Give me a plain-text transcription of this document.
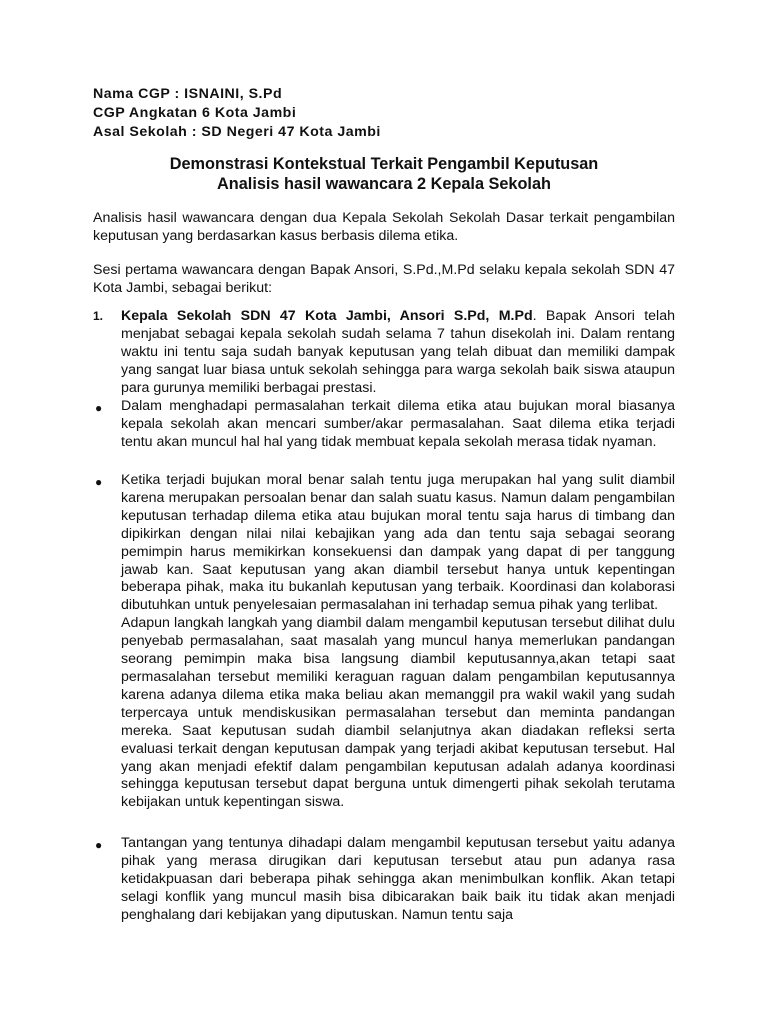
Nama CGP : ISNAINI, S.Pd
CGP Angkatan 6 Kota Jambi
Asal Sekolah : SD Negeri 47 Kota Jambi
Demonstrasi Kontekstual Terkait Pengambil Keputusan
Analisis hasil wawancara 2 Kepala Sekolah

Analisis hasil wawancara dengan dua Kepala Sekolah Sekolah Dasar terkait pengambilan keputusan yang berdasarkan kasus berbasis dilema etika.

Sesi pertama wawancara dengan Bapak Ansori, S.Pd.,M.Pd selaku kepala sekolah SDN 47 Kota Jambi, sebagai berikut:

1. Kepala Sekolah SDN 47 Kota Jambi, Ansori S.Pd, M.Pd. Bapak Ansori telah menjabat sebagai kepala sekolah sudah selama 7 tahun disekolah ini. Dalam rentang waktu ini tentu saja sudah banyak keputusan yang telah dibuat dan memiliki dampak yang sangat luar biasa untuk sekolah sehingga para warga sekolah baik siswa ataupun para gurunya memiliki berbagai prestasi.
● Dalam menghadapi permasalahan terkait dilema etika atau bujukan moral biasanya kepala sekolah akan mencari sumber/akar permasalahan. Saat dilema etika terjadi tentu akan muncul hal hal yang tidak membuat kepala sekolah merasa tidak nyaman.
● Ketika terjadi bujukan moral benar salah tentu juga merupakan hal yang sulit diambil karena merupakan persoalan benar dan salah suatu kasus. Namun dalam pengambilan keputusan terhadap dilema etika atau bujukan moral tentu saja harus di timbang dan dipikirkan dengan nilai nilai kebajikan yang ada dan tentu saja sebagai seorang pemimpin harus memikirkan konsekuensi dan dampak yang dapat di per tanggung jawab kan. Saat keputusan yang akan diambil tersebut hanya untuk kepentingan beberapa pihak, maka itu bukanlah keputusan yang terbaik. Koordinasi dan kolaborasi dibutuhkan untuk penyelesaian permasalahan ini terhadap semua pihak yang terlibat.
Adapun langkah langkah yang diambil dalam mengambil keputusan tersebut dilihat dulu penyebab permasalahan, saat masalah yang muncul hanya memerlukan pandangan seorang pemimpin maka bisa langsung diambil keputusannya,akan tetapi saat permasalahan tersebut memiliki keraguan raguan dalam pengambilan keputusannya karena adanya dilema etika maka beliau akan memanggil pra wakil wakil yang sudah terpercaya untuk mendiskusikan permasalahan tersebut dan meminta pandangan mereka. Saat keputusan sudah diambil selanjutnya akan diadakan refleksi serta evaluasi terkait dengan keputusan dampak yang terjadi akibat keputusan tersebut. Hal yang akan menjadi efektif dalam pengambilan keputusan adalah adanya koordinasi sehingga keputusan tersebut dapat berguna untuk dimengerti pihak sekolah terutama kebijakan untuk kepentingan siswa.
● Tantangan yang tentunya dihadapi dalam mengambil keputusan tersebut yaitu adanya pihak yang merasa dirugikan dari keputusan tersebut atau pun adanya rasa ketidakpuasan dari beberapa pihak sehingga akan menimbulkan konflik. Akan tetapi selagi konflik yang muncul masih bisa dibicarakan baik baik itu tidak akan menjadi penghalang dari kebijakan yang diputuskan. Namun tentu saja
